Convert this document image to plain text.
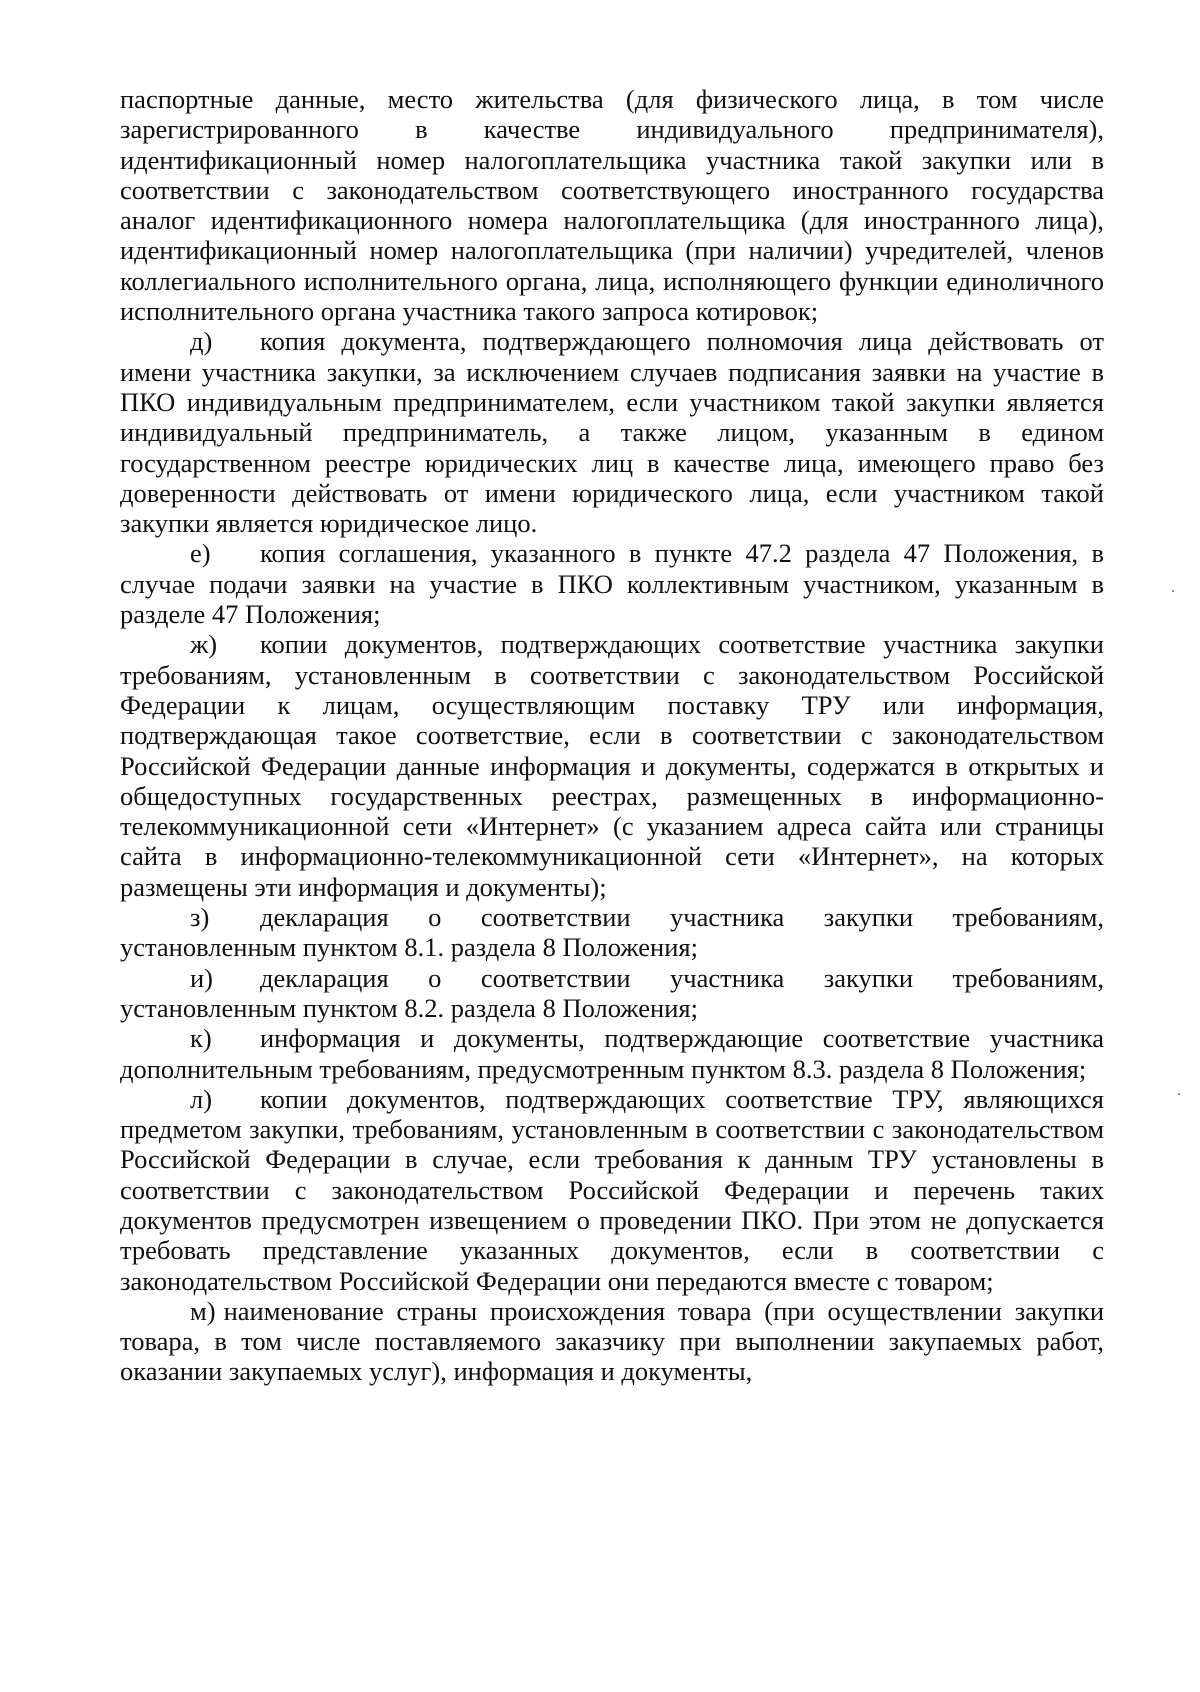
паспортные данные, место жительства (для физического лица, в том числе зарегистрированного в качестве индивидуального предпринимателя), идентификационный номер налогоплательщика участника такой закупки или в соответствии с законодательством соответствующего иностранного государства аналог идентификационного номера налогоплательщика (для иностранного лица), идентификационный номер налогоплательщика (при наличии) учредителей, членов коллегиального исполнительного органа, лица, исполняющего функции единоличного исполнительного органа участника такого запроса котировок;

д) копия документа, подтверждающего полномочия лица действовать от имени участника закупки, за исключением случаев подписания заявки на участие в ПКО индивидуальным предпринимателем, если участником такой закупки является индивидуальный предприниматель, а также лицом, указанным в едином государственном реестре юридических лиц в качестве лица, имеющего право без доверенности действовать от имени юридического лица, если участником такой закупки является юридическое лицо.

е) копия соглашения, указанного в пункте 47.2 раздела 47 Положения, в случае подачи заявки на участие в ПКО коллективным участником, указанным в разделе 47 Положения;

ж) копии документов, подтверждающих соответствие участника закупки требованиям, установленным в соответствии с законодательством Российской Федерации к лицам, осуществляющим поставку ТРУ или информация, подтверждающая такое соответствие, если в соответствии с законодательством Российской Федерации данные информация и документы, содержатся в открытых и общедоступных государственных реестрах, размещенных в информационно-телекоммуникационной сети «Интернет» (с указанием адреса сайта или страницы сайта в информационно-телекоммуникационной сети «Интернет», на которых размещены эти информация и документы);

з) декларация о соответствии участника закупки требованиям, установленным пунктом 8.1. раздела 8 Положения;

и) декларация о соответствии участника закупки требованиям, установленным пунктом 8.2. раздела 8 Положения;

к) информация и документы, подтверждающие соответствие участника дополнительным требованиям, предусмотренным пунктом 8.3. раздела 8 Положения;

л) копии документов, подтверждающих соответствие ТРУ, являющихся предметом закупки, требованиям, установленным в соответствии с законодательством Российской Федерации в случае, если требования к данным ТРУ установлены в соответствии с законодательством Российской Федерации и перечень таких документов предусмотрен извещением о проведении ПКО. При этом не допускается требовать представление указанных документов, если в соответствии с законодательством Российской Федерации они передаются вместе с товаром;

м) наименование страны происхождения товара (при осуществлении закупки товара, в том числе поставляемого заказчику при выполнении закупаемых работ, оказании закупаемых услуг), информация и документы,
